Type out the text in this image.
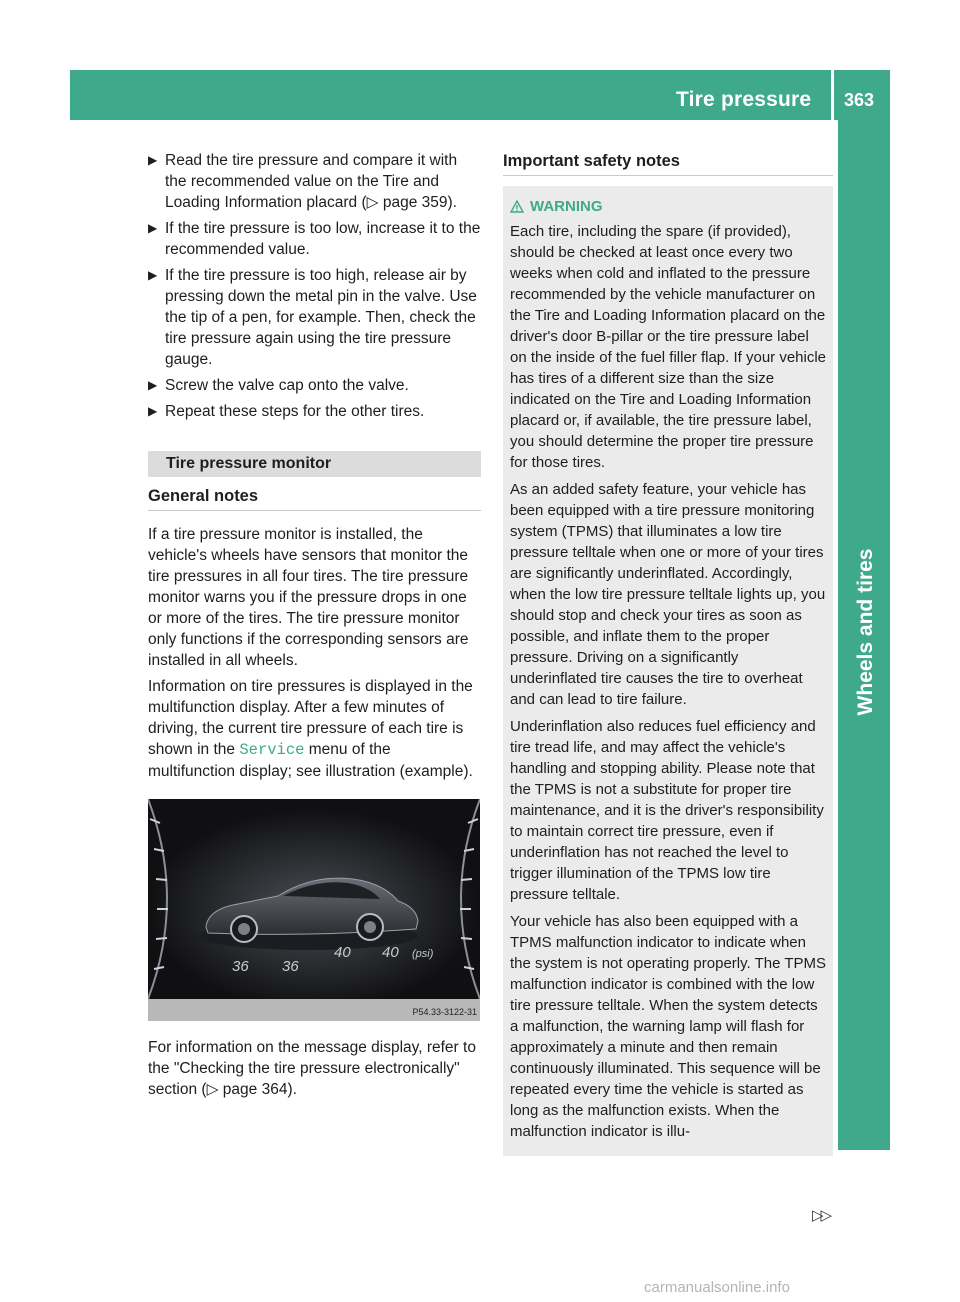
Tire pressure 363
Wheels and tires
▶ Read the tire pressure and compare it with the recommended value on the Tire and Loading Information placard (▷ page 359).
▶ If the tire pressure is too low, increase it to the recommended value.
▶ If the tire pressure is too high, release air by pressing down the metal pin in the valve. Use the tip of a pen, for example. Then, check the tire pressure again using the tire pressure gauge.
▶ Screw the valve cap onto the valve.
▶ Repeat these steps for the other tires.
Tire pressure monitor
General notes

If a tire pressure monitor is installed, the vehicle's wheels have sensors that monitor the tire pressures in all four tires. The tire pressure monitor warns you if the pressure drops in one or more of the tires. The tire pressure monitor only functions if the corresponding sensors are installed in all wheels.

Information on tire pressures is displayed in the multifunction display. After a few minutes of driving, the current tire pressure of each tire is shown in the Service menu of the multifunction display; see illustration (example).

36 36
40 40 (psi)
P54.33-3122-31

For information on the message display, refer to the "Checking the tire pressure electronically" section (▷ page 364).

Important safety notes
WARNING

Each tire, including the spare (if provided), should be checked at least once every two weeks when cold and inflated to the pressure recommended by the vehicle manufacturer on the Tire and Loading Information placard on the driver's door B-pillar or the tire pressure label on the inside of the fuel filler flap. If your vehicle has tires of a different size than the size indicated on the Tire and Loading Information placard or, if available, the tire pressure label, you should determine the proper tire pressure for those tires.

As an added safety feature, your vehicle has been equipped with a tire pressure monitoring system (TPMS) that illuminates a low tire pressure telltale when one or more of your tires are significantly underinflated. Accordingly, when the low tire pressure telltale lights up, you should stop and check your tires as soon as possible, and inflate them to the proper pressure. Driving on a significantly underinflated tire causes the tire to overheat and can lead to tire failure.

Underinflation also reduces fuel efficiency and tire tread life, and may affect the vehicle's handling and stopping ability. Please note that the TPMS is not a substitute for proper tire maintenance, and it is the driver's responsibility to maintain correct tire pressure, even if underinflation has not reached the level to trigger illumination of the TPMS low tire pressure telltale.

Your vehicle has also been equipped with a TPMS malfunction indicator to indicate when the system is not operating properly. The TPMS malfunction indicator is combined with the low tire pressure telltale. When the system detects a malfunction, the warning lamp will flash for approximately a minute and then remain continuously illuminated. This sequence will be repeated every time the vehicle is started as long as the malfunction exists. When the malfunction indicator is illu-

▷▷
carmanualsonline.info
